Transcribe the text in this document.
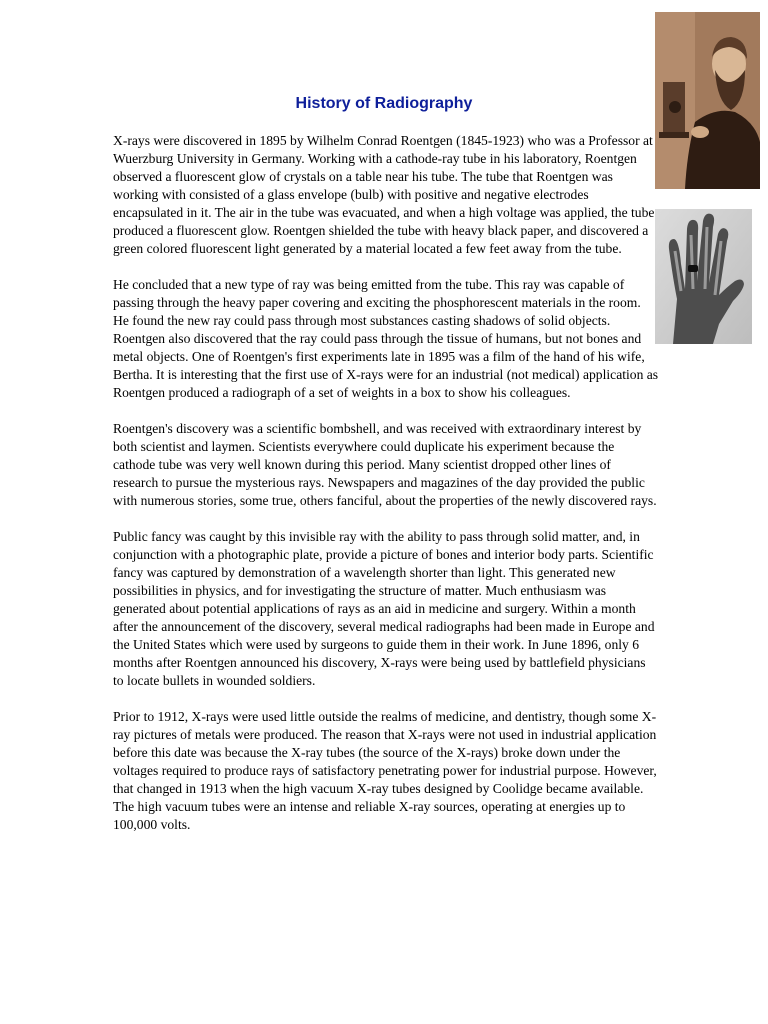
History of Radiography

X-rays were discovered in 1895 by Wilhelm Conrad Roentgen (1845-1923) who was a Professor at Wuerzburg University in Germany. Working with a cathode-ray tube in his laboratory, Roentgen observed a fluorescent glow of crystals on a table near his tube. The tube that Roentgen was working with consisted of a glass envelope (bulb) with positive and negative electrodes encapsulated in it. The air in the tube was evacuated, and when a high voltage was applied, the tube produced a fluorescent glow. Roentgen shielded the tube with heavy black paper, and discovered a green colored fluorescent light generated by a material located a few feet away from the tube.

He concluded that a new type of ray was being emitted from the tube. This ray was capable of passing through the heavy paper covering and exciting the phosphorescent materials in the room. He found the new ray could pass through most substances casting shadows of solid objects. Roentgen also discovered that the ray could pass through the tissue of humans, but not bones and metal objects. One of Roentgen's first experiments late in 1895 was a film of the hand of his wife, Bertha. It is interesting that the first use of X-rays were for an industrial (not medical) application as Roentgen produced a radiograph of a set of weights in a box to show his colleagues.

Roentgen's discovery was a scientific bombshell, and was received with extraordinary interest by both scientist and laymen. Scientists everywhere could duplicate his experiment because the cathode tube was very well known during this period. Many scientist dropped other lines of research to pursue the mysterious rays. Newspapers and magazines of the day provided the public with numerous stories, some true, others fanciful, about the properties of the newly discovered rays.

Public fancy was caught by this invisible ray with the ability to pass through solid matter, and, in conjunction with a photographic plate, provide a picture of bones and interior body parts. Scientific fancy was captured by demonstration of a wavelength shorter than light. This generated new possibilities in physics, and for investigating the structure of matter. Much enthusiasm was generated about potential applications of rays as an aid in medicine and surgery. Within a month after the announcement of the discovery, several medical radiographs had been made in Europe and the United States which were used by surgeons to guide them in their work. In June 1896, only 6 months after Roentgen announced his discovery, X-rays were being used by battlefield physicians to locate bullets in wounded soldiers.

Prior to 1912, X-rays were used little outside the realms of medicine, and dentistry, though some X-ray pictures of metals were produced. The reason that X-rays were not used in industrial application before this date was because the X-ray tubes (the source of the X-rays) broke down under the voltages required to produce rays of satisfactory penetrating power for industrial purpose. However, that changed in 1913 when the high vacuum X-ray tubes designed by Coolidge became available. The high vacuum tubes were an intense and reliable X-ray sources, operating at energies up to 100,000 volts.
